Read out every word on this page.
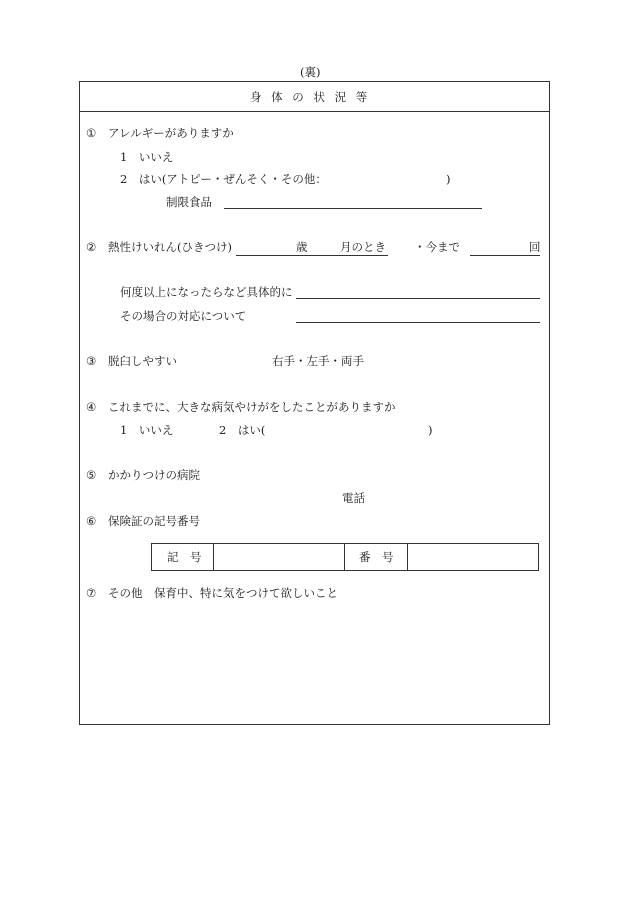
(裏)
身 体 の 状 況 等
① アレルギーがありますか
1　いいえ
2　はい(アトピー・ぜんそく・その他：	)
制限食品
② 熱性けいれん(ひきつけ)	歳	月のとき ・今まで	回
何度以上になったらなど具体的に
その場合の対応について
③ 脱臼しやすい	右手・左手・両手
④ これまでに、大きな病気やけがをしたことがありますか
1　いいえ	2　はい(	)
⑤ かかりつけの病院
電話
⑥ 保険証の記号番号
記　号	番　号
⑦ その他　保育中、特に気をつけて欲しいこと
